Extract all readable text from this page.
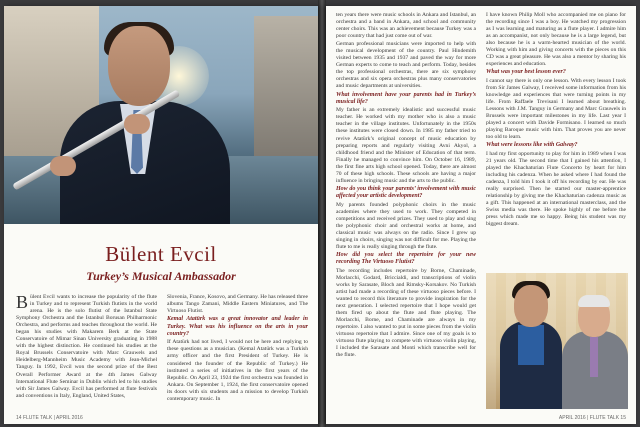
Bülent Evcil
Turkey’s Musical Ambassador

Bülent Evcil wants to increase the popularity of the flute in Turkey and to represent Turkish flutists in the world arena. He is the solo flutist of the Istanbul State Symphony Orchestra and the Istanbul Borusan Philharmonic Orchestra, and performs and teaches throughout the world. He began his studies with Makarem Berk at the State Conservatoire of Mimar Sinan University graduating in 1988 with the highest distinction. He continued his studies at the Royal Brussels Conservatoire with Marc Grauwels and Heidelberg-Mannheim Music Academy with Jean-Michel Tanguy. In 1992, Evcil won the second prize of the Best Overall Performer Award at the 4th James Galway International Flute Seminar in Dublin which led to his studies with Sir James Galway. Evcil has performed at flute festivals and conventions in Italy, England, United States,

Slovenia, France, Kosovo, and Germany. He has released three albums Tango Zamani, Middle Eastern Miniatures, and The Virtuoso Flutist.

Kemal Atatürk was a great innovator and leader in Turkey. What was his influence on the arts in your country?

If Atatürk had not lived, I would not be here and replying to these questions as a musician. (Kemal Atatürk was a Turkish army officer and the first President of Turkey. He is considered the founder of the Republic of Turkey.) He instituted a series of initiatives in the first years of the Republic. On April 23, 1924 the first orchestra was founded in Ankara. On September 1, 1924, the first conservatoire opened its doors with six students and a mission to develop Turkish contemporary music. In

14 FLUTE TALK | APRIL 2016

ten years there were music schools in Ankara and Istanbul, an orchestra and a band in Ankara, and school and community center choirs. This was an achievement because Turkey was a poor country that had just come out of war.

German professional musicians were imported to help with the musical development of the country. Paul Hindemith visited between 1935 and 1937 and paved the way for more German experts to come to teach and perform. Today, besides the top professional orchestras, there are six symphony orchestras and six opera orchestras plus many conservatories and music departments at universities.

What involvement have your parents had in Turkey’s musical life?

My father is an extremely idealistic and successful music teacher. He worked with my mother who is also a music teacher in the village institutes. Unfortunately in the 1950s these institutes were closed down. In 1985 my father tried to revive Atatürk’s original concept of music education by preparing reports and regularly visiting Avni Akyol, a childhood friend and the Minister of Education of that term. Finally he managed to convince him. On October 16, 1989, the first fine arts high school opened. Today, there are almost 70 of these high schools. These schools are having a major influence in bringing music and the arts to the public.

How do you think your parents’ involvement with music affected your artistic development?

My parents founded polyphonic choirs in the music academies where they used to work. They competed in competitions and received prizes. They used to play and sing the polyphonic choir and orchestral works at home, and classical music was always on the radio. Since I grew up singing in choirs, singing was not difficult for me. Playing the flute to me is really singing through the flute.

How did you select the repertoire for your new recording The Virtuoso Flutist?

The recording includes repertoire by Borne, Chaminade, Morlacchi, Godard, Briccialdi, and transcriptions of violin works by Sarasate, Bloch and Rimsky-Korsakov. No Turkish artist had made a recording of these virtuoso pieces before. I wanted to record this literature to provide inspiration for the next generation. I selected repertoire that I hope would get them fired up about the flute and flute playing. The Morlacchi, Borne, and Chaminade are always in my repertoire. I also wanted to put in some pieces from the violin virtuoso repertoire that I admire. Since one of my goals is to virtuoso flute playing to compete with virtuoso violin playing, I included the Sarasate and Monti which transcribe well for the flute.

I have known Philip Moll who accompanied me on piano for the recording since I was a boy. He watched my progression as I was learning and maturing as a flute player. I admire him as an accompanist, not only because he is a large legend, but also because he is a warm-hearted musician of the world. Working with him and giving concerts with the pieces on this CD was a great pleasure. He was also a mentor by sharing his experiences and education.

What was your best lesson ever?

I cannot say there is only one lesson. With every lesson I took from Sir James Galway, I received some information from his knowledge and experiences that were turning points in my life. From Raffaele Trevisani I learned about breathing. Lessons with J.M. Tanguy in Germany and Marc Grauwels in Brussels were important milestones in my life. Last year I played a concert with Davide Formisano. I learned so much playing Baroque music with him. That proves you are never too old to learn.

What were lessons like with Galway?

I had my first opportunity to play for him in 1989 when I was 21 years old. The second time that I gained his attention, I played the Khachaturian Flute Concerto by heart for him including his cadenza. When he asked where I had found the cadenza, I told him I took it off his recording by ear. He was really surprised. Then he started our master-apprentice relationship by giving me the Khachaturian cadenza music as a gift. This happened at an international masterclass, and the Swiss media was there. He spoke highly of me before the press which made me so happy. Being his student was my biggest dream.

APRIL 2016 | FLUTE TALK 15
